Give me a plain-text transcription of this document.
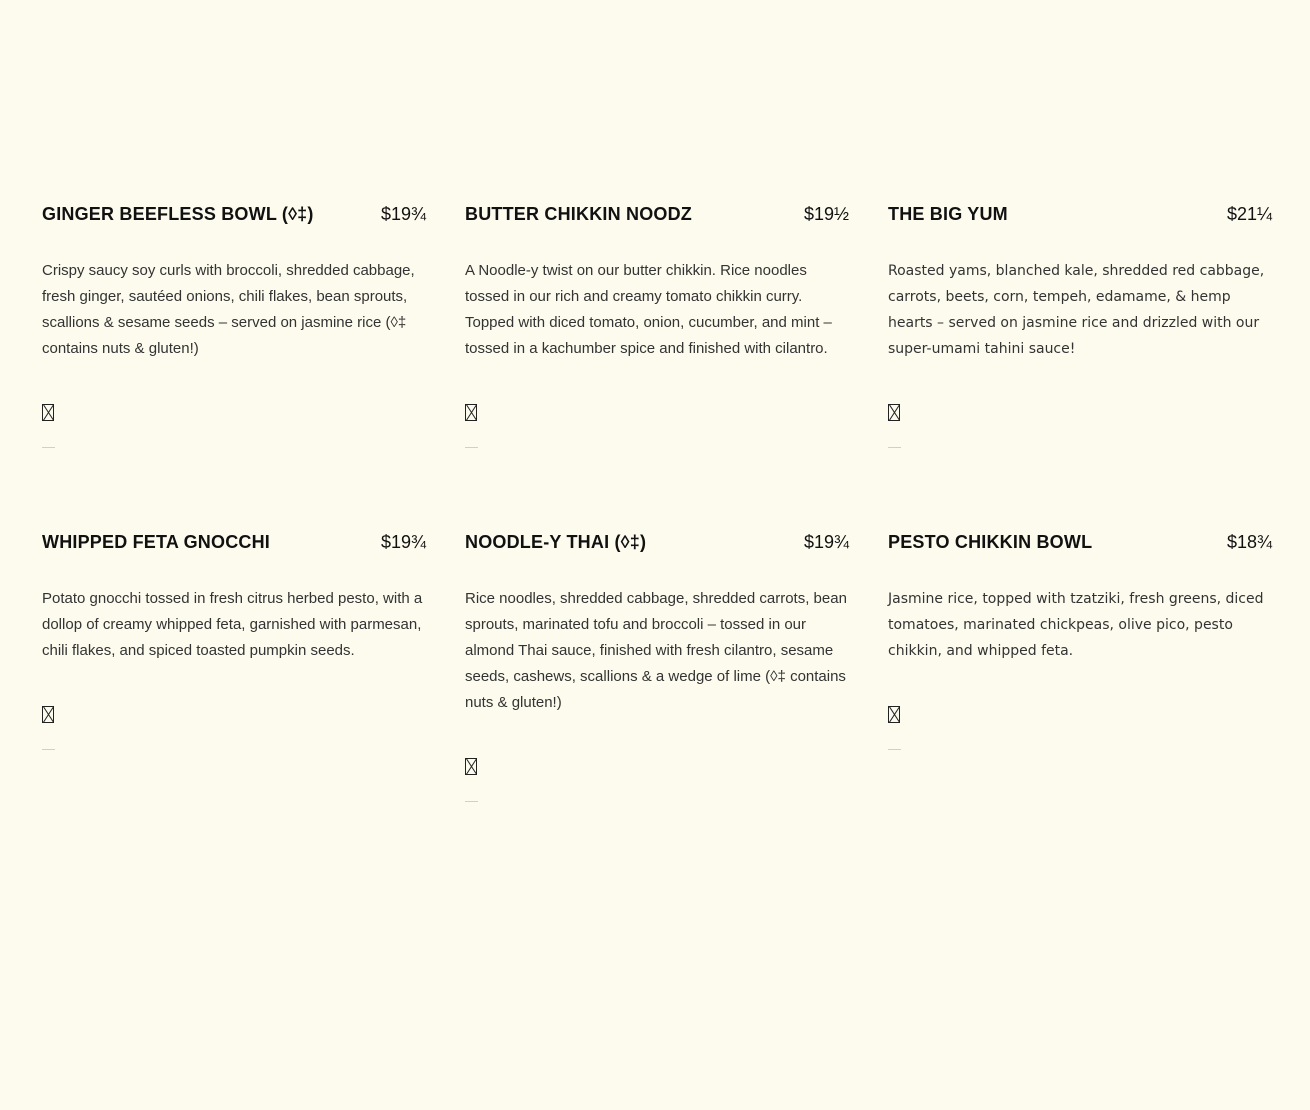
GINGER BEEFLESS BOWL (◊‡)	$19¾
Crispy saucy soy curls with broccoli, shredded cabbage, fresh ginger, sautéed onions, chili flakes, bean sprouts, scallions & sesame seeds – served on jasmine rice (◊‡ contains nuts & gluten!)
BUTTER CHIKKIN NOODZ	$19½
A Noodle-y twist on our butter chikkin. Rice noodles tossed in our rich and creamy tomato chikkin curry. Topped with diced tomato, onion, cucumber, and mint – tossed in a kachumber spice and finished with cilantro.
THE BIG YUM	$21¼
Roasted yams, blanched kale, shredded red cabbage, carrots, beets, corn, tempeh, edamame, & hemp hearts – served on jasmine rice and drizzled with our super-umami tahini sauce!
WHIPPED FETA GNOCCHI	$19¾
Potato gnocchi tossed in fresh citrus herbed pesto, with a dollop of creamy whipped feta, garnished with parmesan, chili flakes, and spiced toasted pumpkin seeds.
NOODLE-Y THAI (◊‡)	$19¾
Rice noodles, shredded cabbage, shredded carrots, bean sprouts, marinated tofu and broccoli – tossed in our almond Thai sauce, finished with fresh cilantro, sesame seeds, cashews, scallions & a wedge of lime (◊‡ contains nuts & gluten!)
PESTO CHIKKIN BOWL	$18¾
Jasmine rice, topped with tzatziki, fresh greens, diced tomatoes, marinated chickpeas, olive pico, pesto chikkin, and whipped feta.
